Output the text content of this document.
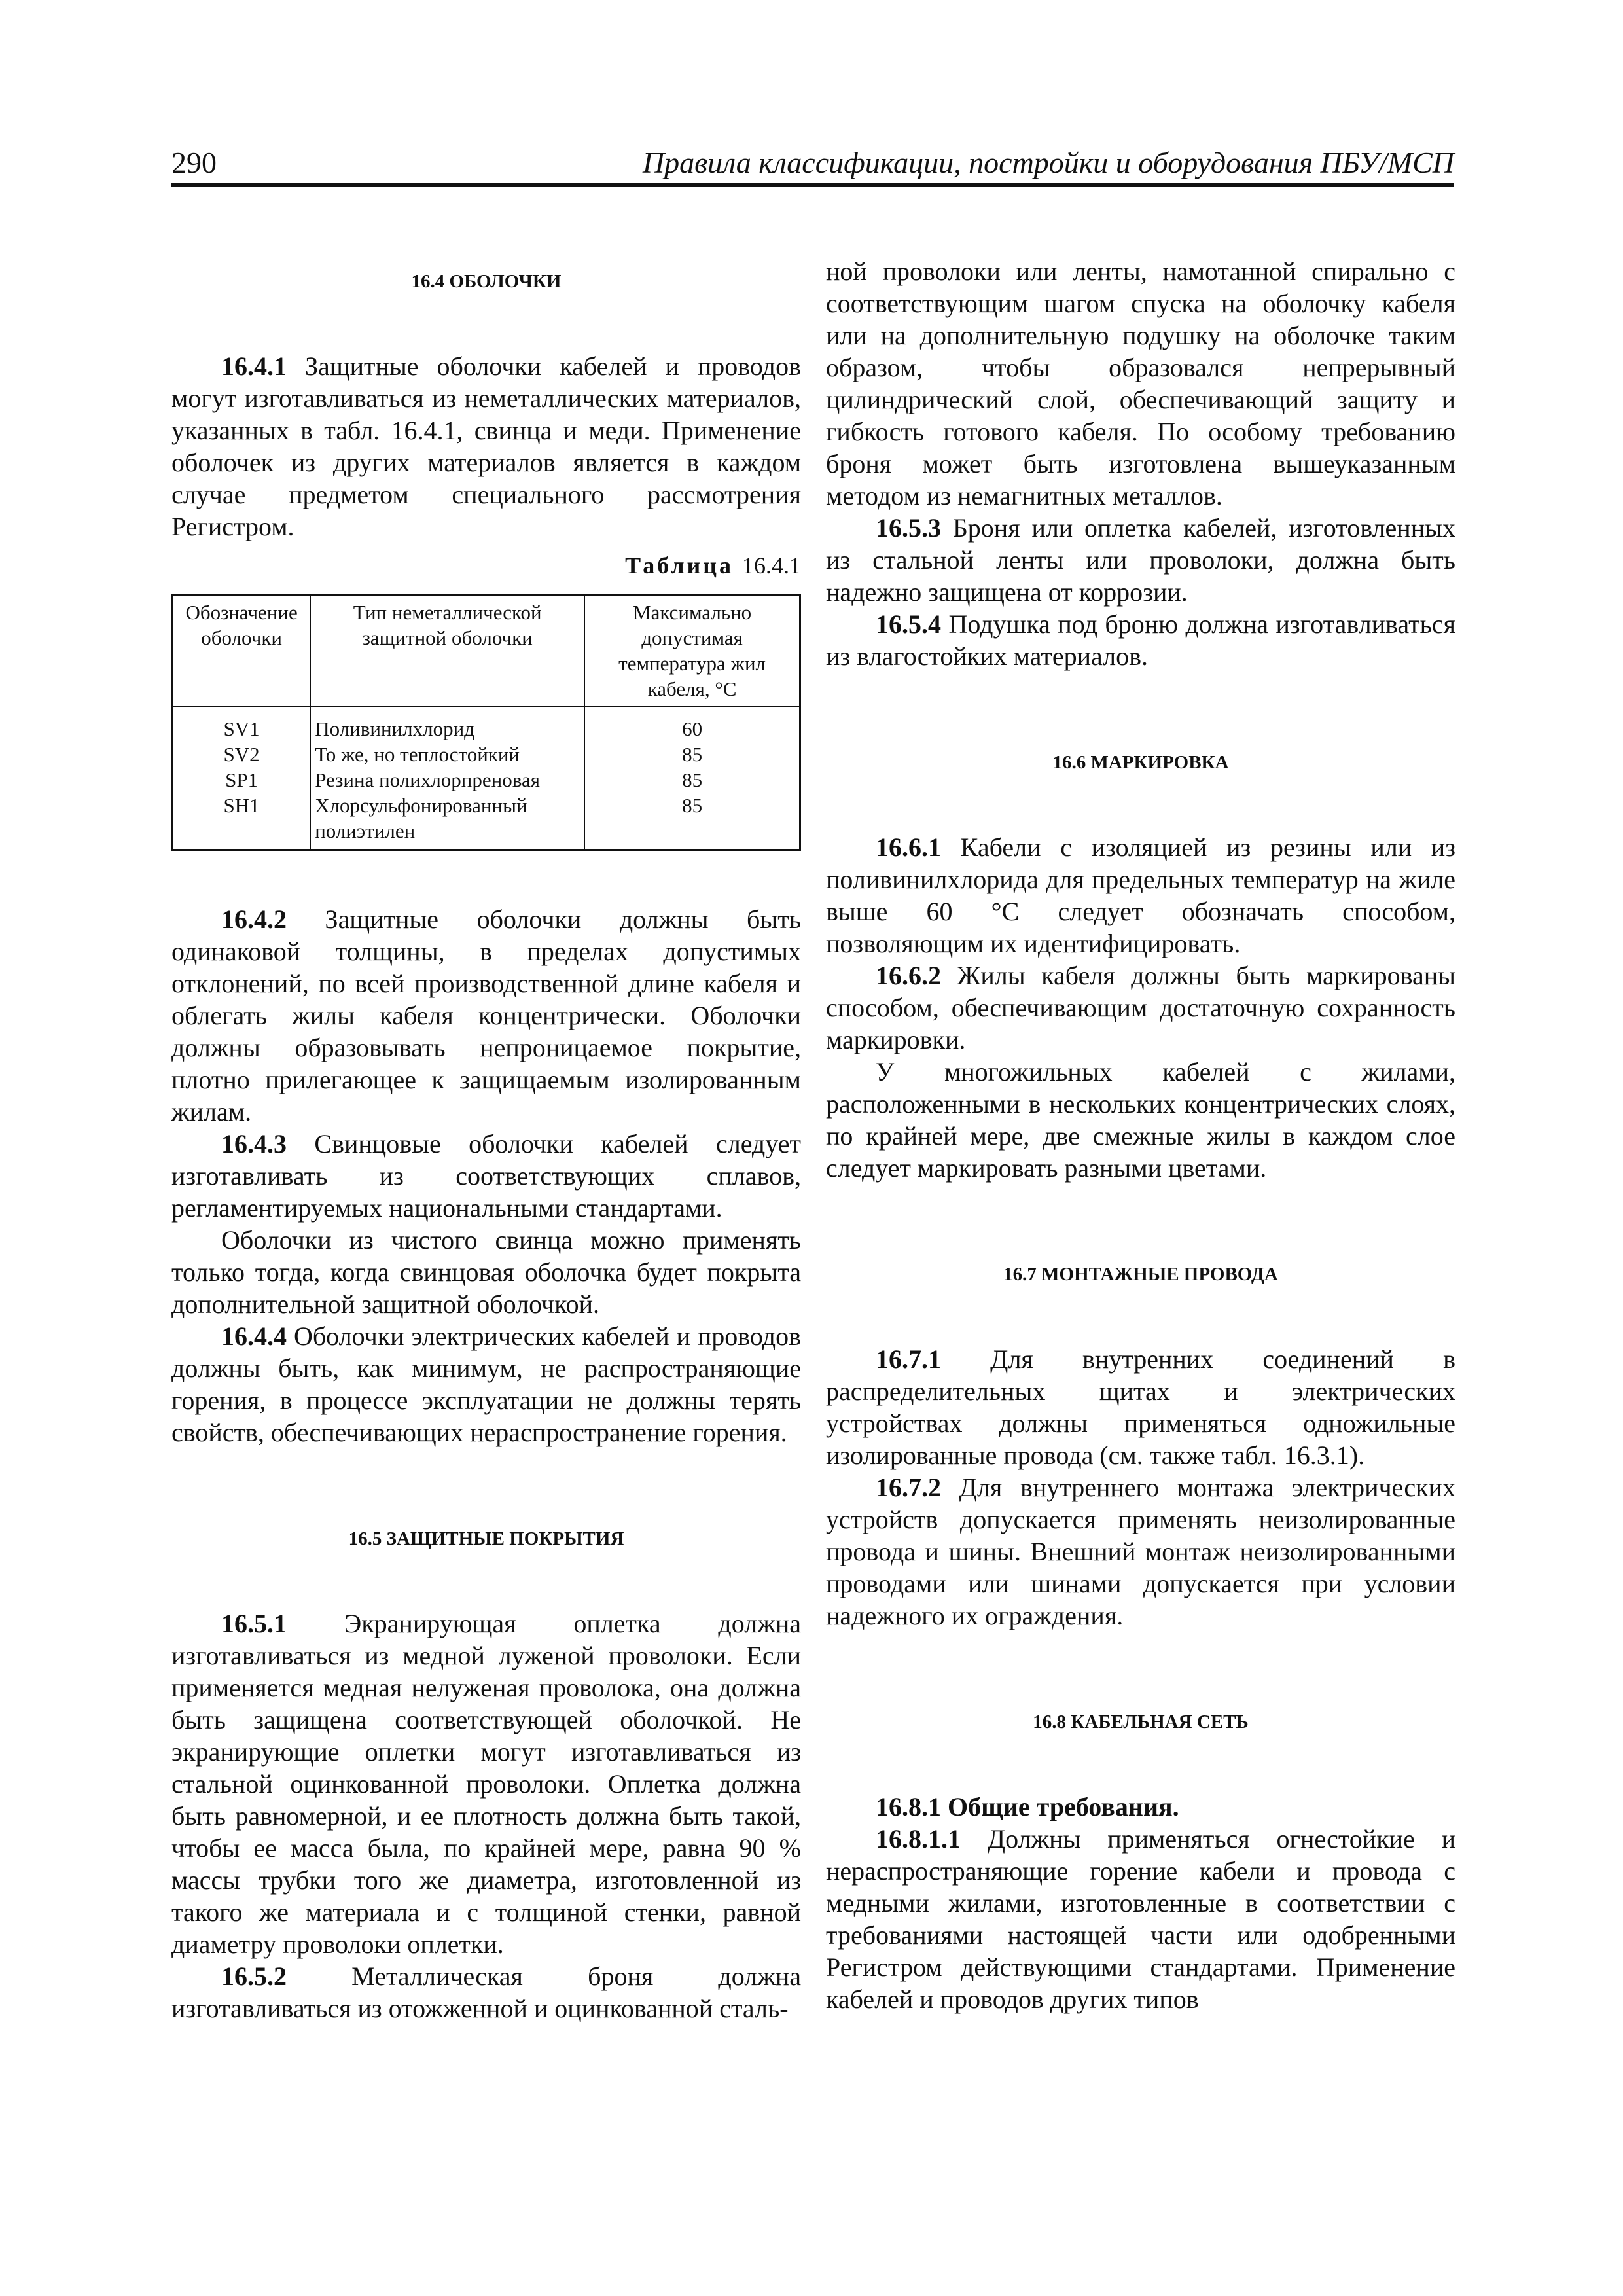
290	Правила классификации, постройки и оборудования ПБУ/МСП
16.4 ОБОЛОЧКИ

16.4.1 Защитные оболочки кабелей и проводов могут изготавливаться из неметаллических материалов, указанных в табл. 16.4.1, свинца и меди. Применение оболочек из других материалов является в каждом случае предметом специального рассмотрения Регистром.

Таблица 16.4.1
Обозначение оболочки	Тип неметаллической защитной оболочки	Максимально допустимая температура жил кабеля, °С
SV1	Поливинилхлорид	60
SV2	То же, но теплостойкий	85
SP1	Резина полихлорпреновая	85
SH1	Хлорсульфонированный полиэтилен	85

16.4.2 Защитные оболочки должны быть одинаковой толщины, в пределах допустимых отклонений, по всей производственной длине кабеля и облегать жилы кабеля концентрически. Оболочки должны образовывать непроницаемое покрытие, плотно прилегающее к защищаемым изолированным жилам.

16.4.3 Свинцовые оболочки кабелей следует изготавливать из соответствующих сплавов, регламентируемых национальными стандартами.

Оболочки из чистого свинца можно применять только тогда, когда свинцовая оболочка будет покрыта дополнительной защитной оболочкой.

16.4.4 Оболочки электрических кабелей и проводов должны быть, как минимум, не распространяющие горения, в процессе эксплуатации не должны терять свойств, обеспечивающих нераспространение горения.

16.5 ЗАЩИТНЫЕ ПОКРЫТИЯ

16.5.1 Экранирующая оплетка должна изготавливаться из медной луженой проволоки. Если применяется медная нелуженая проволока, она должна быть защищена соответствующей оболочкой. Не экранирующие оплетки могут изготавливаться из стальной оцинкованной проволоки. Оплетка должна быть равномерной, и ее плотность должна быть такой, чтобы ее масса была, по крайней мере, равна 90 % массы трубки того же диаметра, изготовленной из такого же материала и с толщиной стенки, равной диаметру проволоки оплетки.

16.5.2 Металлическая броня должна изготавливаться из отожженной и оцинкованной сталь-

ной проволоки или ленты, намотанной спирально с соответствующим шагом спуска на оболочку кабеля или на дополнительную подушку на оболочке таким образом, чтобы образовался непрерывный цилиндрический слой, обеспечивающий защиту и гибкость готового кабеля. По особому требованию броня может быть изготовлена вышеуказанным методом из немагнитных металлов.

16.5.3 Броня или оплетка кабелей, изготовленных из стальной ленты или проволоки, должна быть надежно защищена от коррозии.

16.5.4 Подушка под броню должна изготавливаться из влагостойких материалов.

16.6 МАРКИРОВКА

16.6.1 Кабели с изоляцией из резины или из поливинилхлорида для предельных температур на жиле выше 60 °С следует обозначать способом, позволяющим их идентифицировать.

16.6.2 Жилы кабеля должны быть маркированы способом, обеспечивающим достаточную сохранность маркировки.

У многожильных кабелей с жилами, расположенными в нескольких концентрических слоях, по крайней мере, две смежные жилы в каждом слое следует маркировать разными цветами.

16.7 МОНТАЖНЫЕ ПРОВОДА

16.7.1 Для внутренних соединений в распределительных щитах и электрических устройствах должны применяться одножильные изолированные провода (см. также табл. 16.3.1).

16.7.2 Для внутреннего монтажа электрических устройств допускается применять неизолированные провода и шины. Внешний монтаж неизолированными проводами или шинами допускается при условии надежного их ограждения.

16.8 КАБЕЛЬНАЯ СЕТЬ

16.8.1 Общие требования.

16.8.1.1 Должны применяться огнестойкие и нераспространяющие горение кабели и провода с медными жилами, изготовленные в соответствии с требованиями настоящей части или одобренными Регистром действующими стандартами. Применение кабелей и проводов других типов
